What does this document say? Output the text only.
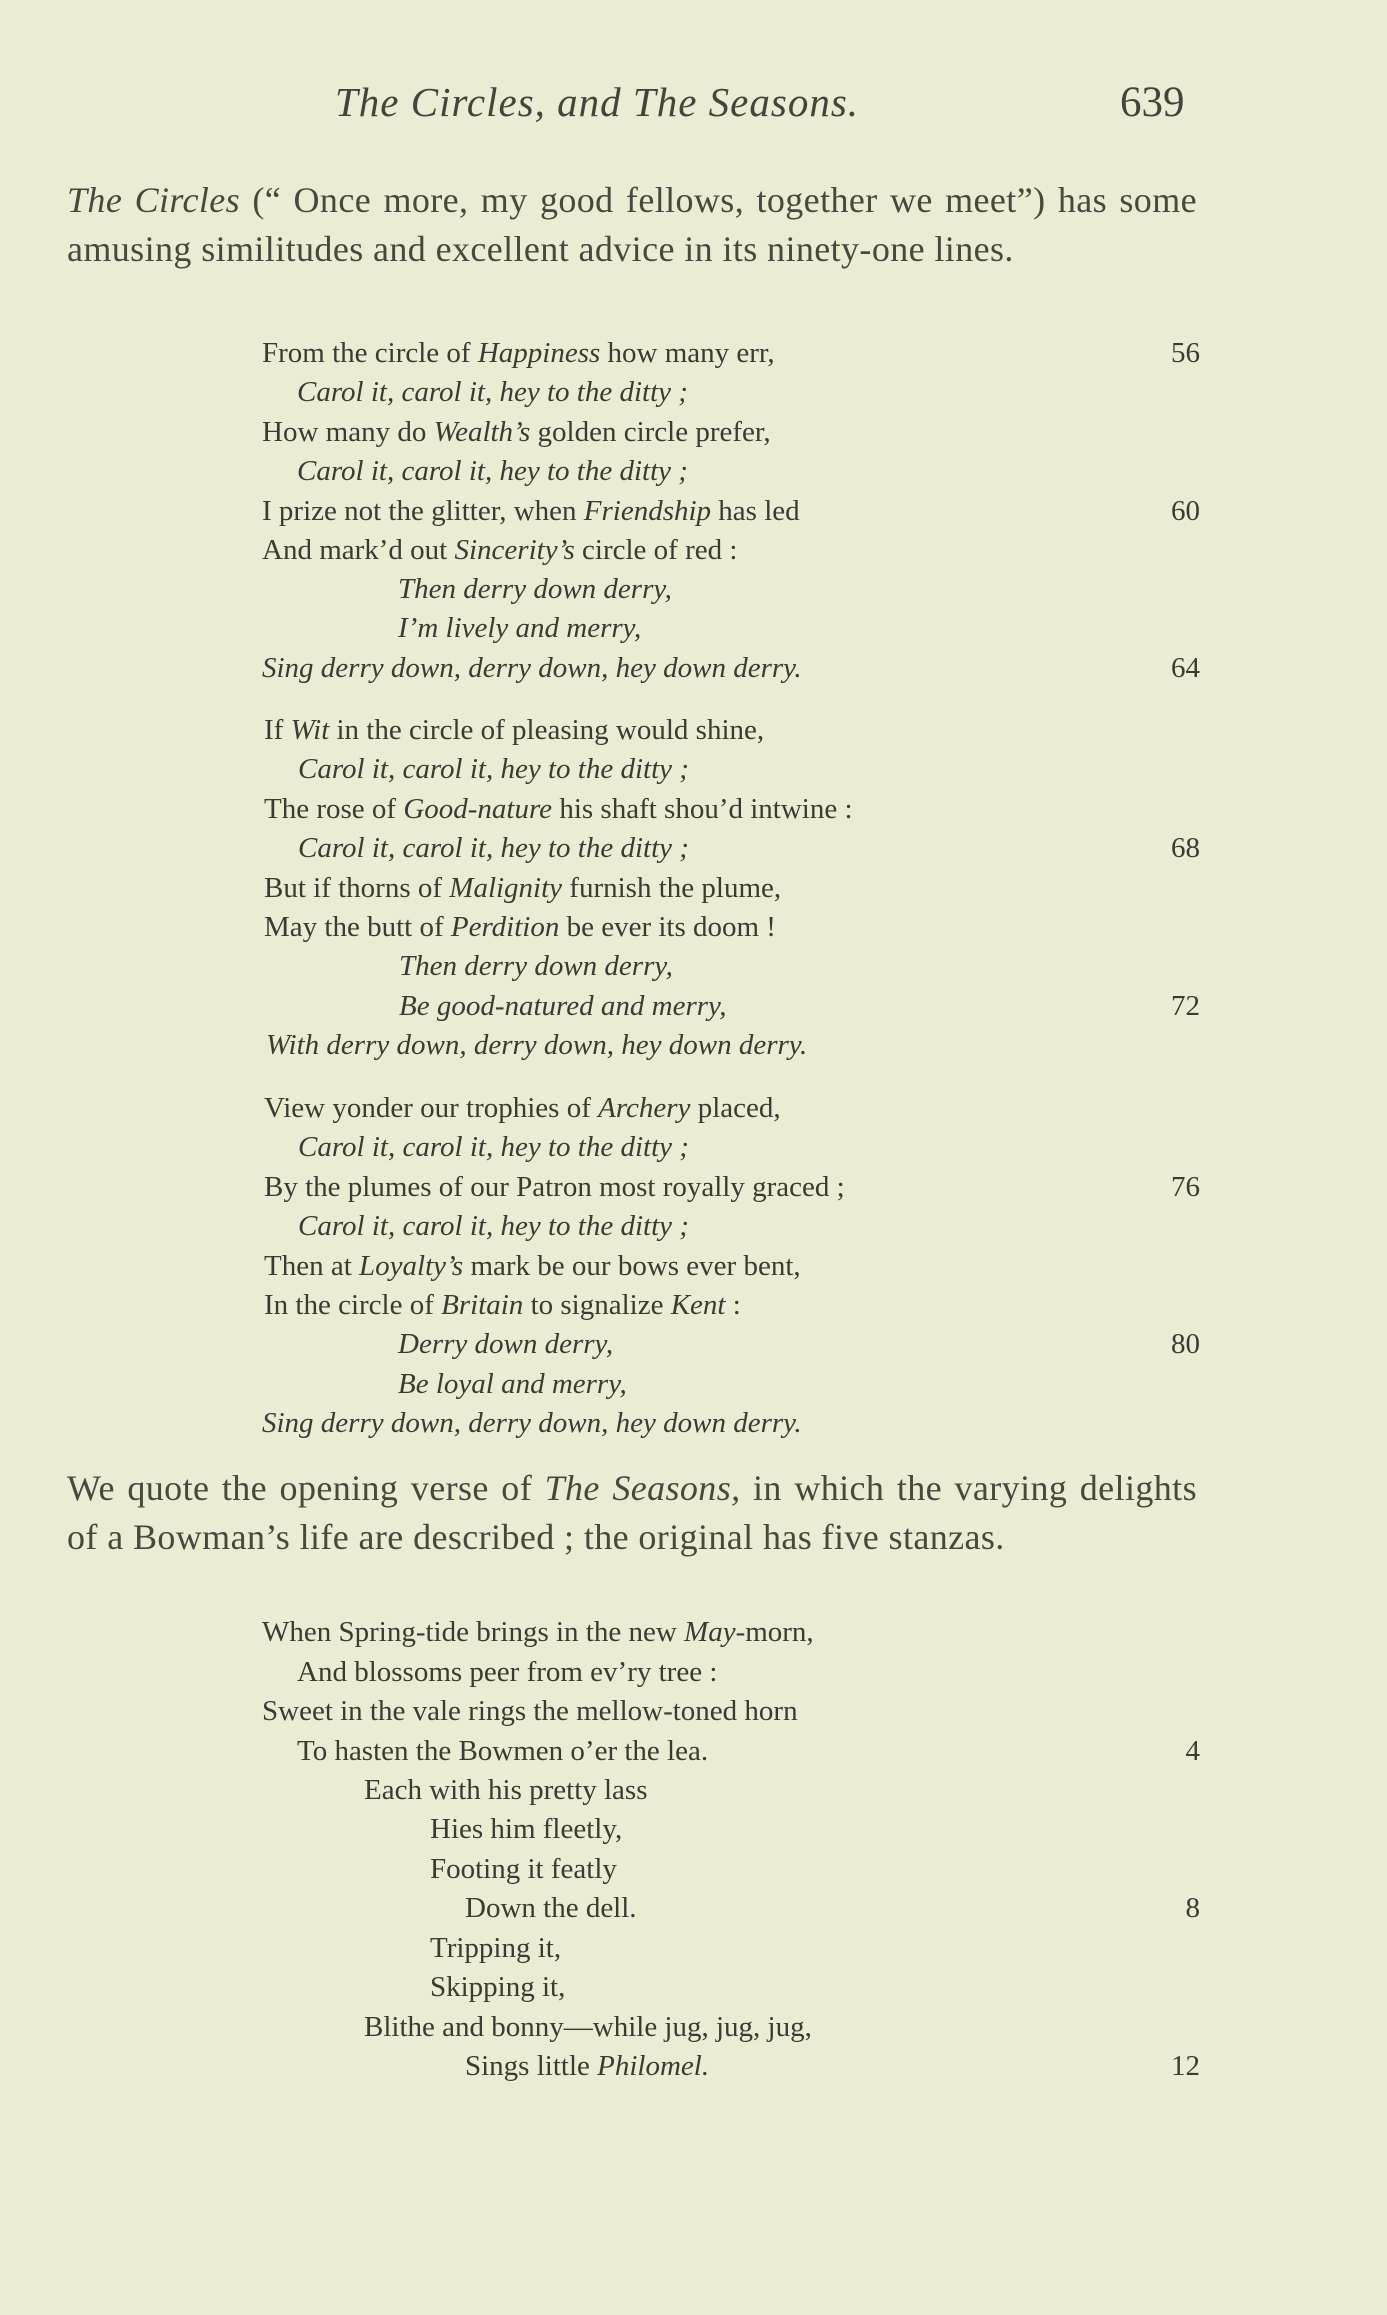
The Circles, and The Seasons.	639

The Circles (“ Once more, my good fellows, together we meet”) has some amusing similitudes and excellent advice in its ninety-one lines.

From the circle of Happiness how many err,	56
Carol it, carol it, hey to the ditty ;
How many do Wealth’s golden circle prefer,
Carol it, carol it, hey to the ditty ;
I prize not the glitter, when Friendship has led	60
And mark’d out Sincerity’s circle of red :
Then derry down derry,
I’m lively and merry,
Sing derry down, derry down, hey down derry.	64
If Wit in the circle of pleasing would shine,
Carol it, carol it, hey to the ditty ;
The rose of Good-nature his shaft shou’d intwine :
Carol it, carol it, hey to the ditty ;	68
But if thorns of Malignity furnish the plume,
May the butt of Perdition be ever its doom !
Then derry down derry,
Be good-natured and merry,	72
With derry down, derry down, hey down derry.
View yonder our trophies of Archery placed,
Carol it, carol it, hey to the ditty ;
By the plumes of our Patron most royally graced ;	76
Carol it, carol it, hey to the ditty ;
Then at Loyalty’s mark be our bows ever bent,
In the circle of Britain to signalize Kent :
Derry down derry,	80
Be loyal and merry,
Sing derry down, derry down, hey down derry.

We quote the opening verse of The Seasons, in which the varying delights of a Bowman’s life are described ; the original has five stanzas.

When Spring-tide brings in the new May-morn,
And blossoms peer from ev’ry tree :
Sweet in the vale rings the mellow-toned horn
To hasten the Bowmen o’er the lea.	4
Each with his pretty lass
Hies him fleetly,
Footing it featly
Down the dell.	8
Tripping it,
Skipping it,
Blithe and bonny—while jug, jug, jug,
Sings little Philomel.	12
